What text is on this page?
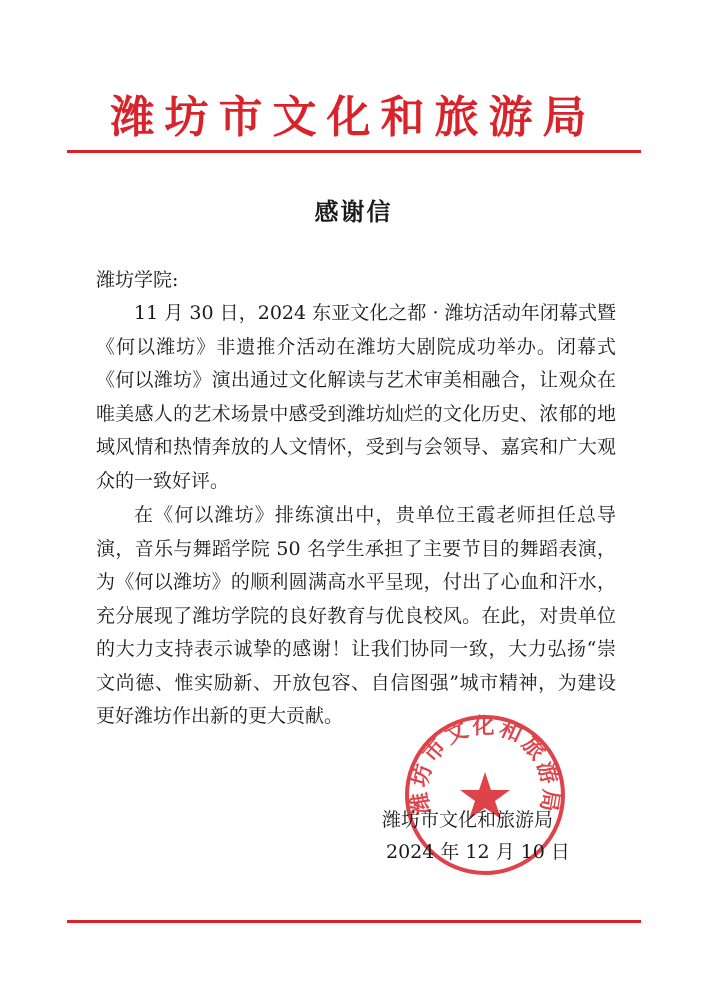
潍坊市文化和旅游局
感谢信
潍坊学院:

11 月 30 日，2024 东亚文化之都 · 潍坊活动年闭幕式暨《何以潍坊》非遗推介活动在潍坊大剧院成功举办。闭幕式《何以潍坊》演出通过文化解读与艺术审美相融合，让观众在唯美感人的艺术场景中感受到潍坊灿烂的文化历史、浓郁的地域风情和热情奔放的人文情怀，受到与会领导、嘉宾和广大观众的一致好评。

在《何以潍坊》排练演出中，贵单位王霞老师担任总导演，音乐与舞蹈学院 50 名学生承担了主要节目的舞蹈表演，为《何以潍坊》的顺利圆满高水平呈现，付出了心血和汗水，充分展现了潍坊学院的良好教育与优良校风。在此，对贵单位的大力支持表示诚挚的感谢！让我们协同一致，大力弘扬“崇文尚德、惟实励新、开放包容、自信图强”城市精神，为建设更好潍坊作出新的更大贡献。

潍坊市文化和旅游局
潍坊市文化和旅游局
2024 年 12 月 10 日
